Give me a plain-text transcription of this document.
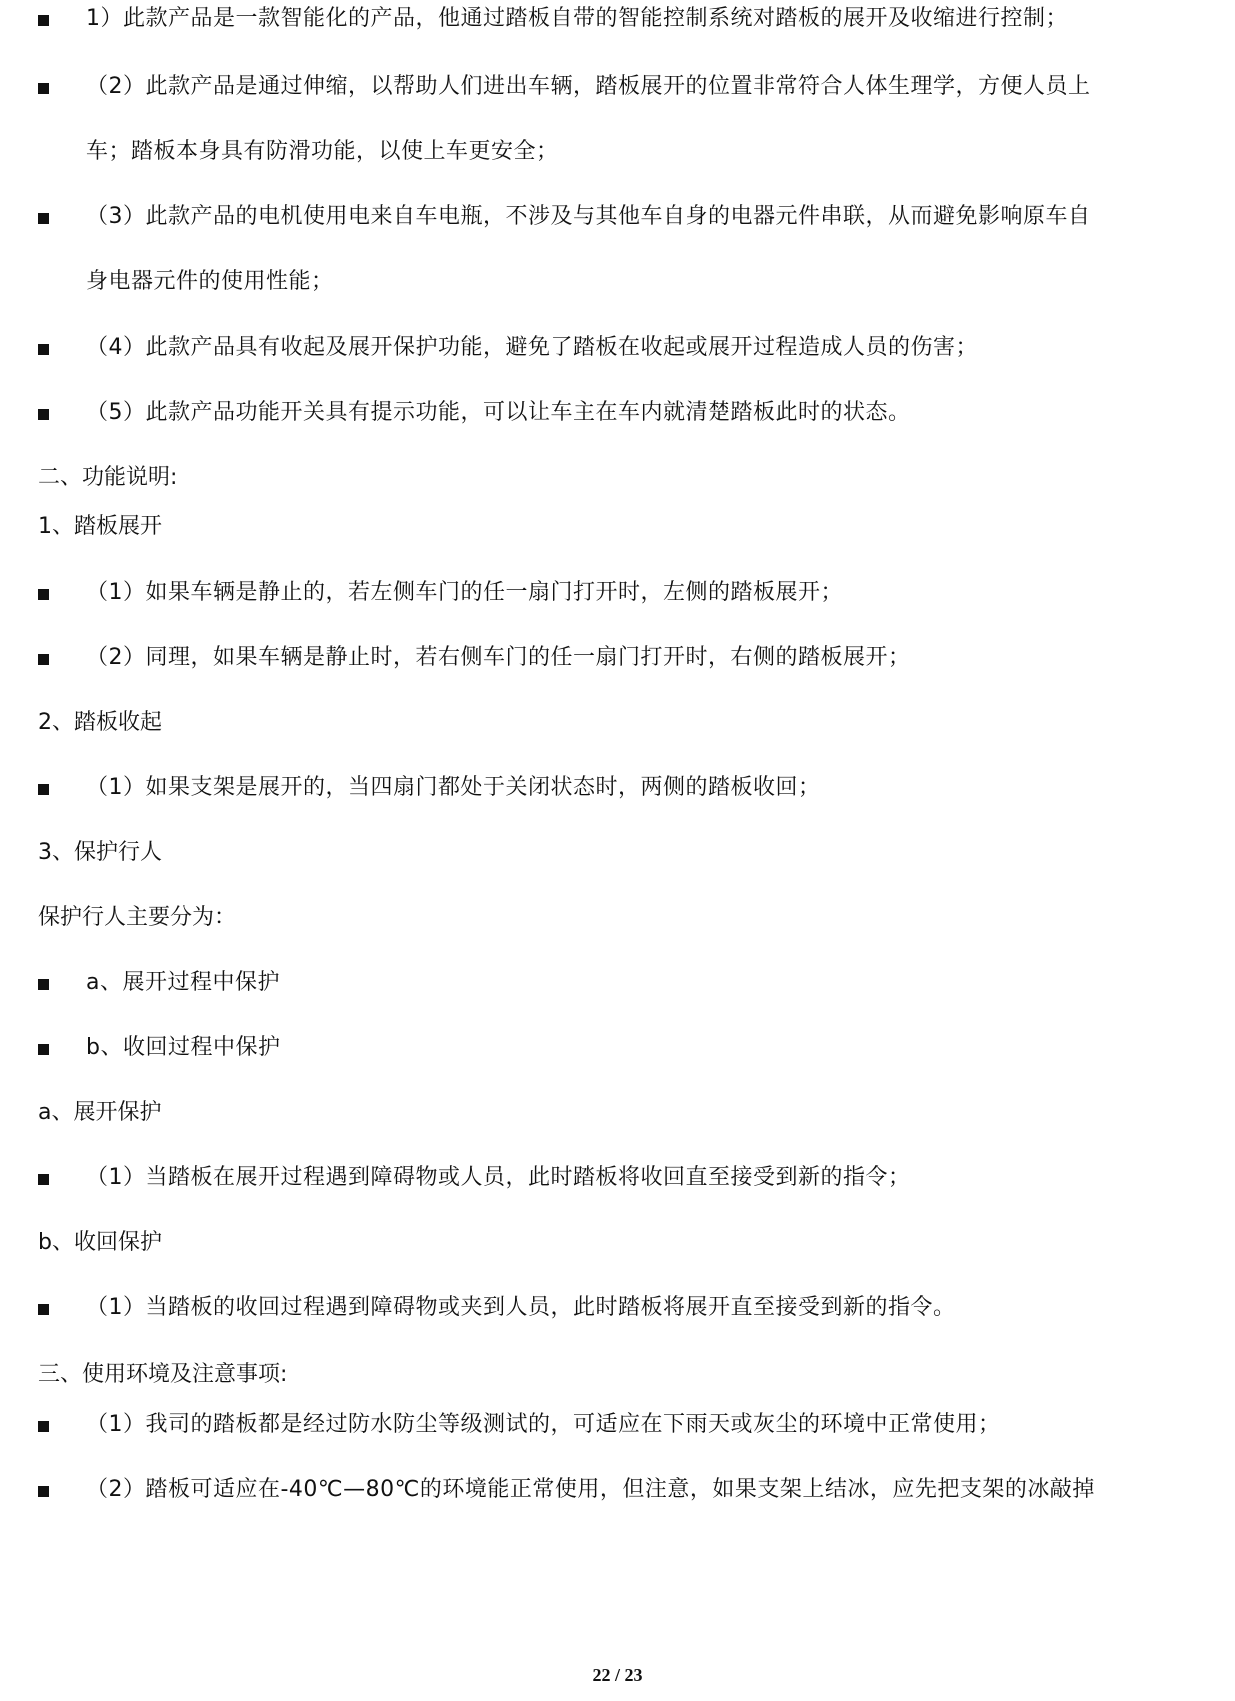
1）此款产品是一款智能化的产品，他通过踏板自带的智能控制系统对踏板的展开及收缩进行控制；
（2）此款产品是通过伸缩，以帮助人们进出车辆，踏板展开的位置非常符合人体生理学，方便人员上
车；踏板本身具有防滑功能，以使上车更安全；
（3）此款产品的电机使用电来自车电瓶，不涉及与其他车自身的电器元件串联，从而避免影响原车自
身电器元件的使用性能；
（4）此款产品具有收起及展开保护功能，避免了踏板在收起或展开过程造成人员的伤害；
（5）此款产品功能开关具有提示功能，可以让车主在车内就清楚踏板此时的状态。
二、功能说明:
1、踏板展开
（1）如果车辆是静止的，若左侧车门的任一扇门打开时，左侧的踏板展开；
（2）同理，如果车辆是静止时，若右侧车门的任一扇门打开时，右侧的踏板展开；
2、踏板收起
（1）如果支架是展开的，当四扇门都处于关闭状态时，两侧的踏板收回；
3、保护行人
保护行人主要分为：
a、展开过程中保护
b、收回过程中保护
a、展开保护
（1）当踏板在展开过程遇到障碍物或人员，此时踏板将收回直至接受到新的指令；
b、收回保护
（1）当踏板的收回过程遇到障碍物或夹到人员，此时踏板将展开直至接受到新的指令。
三、使用环境及注意事项:
（1）我司的踏板都是经过防水防尘等级测试的，可适应在下雨天或灰尘的环境中正常使用；
（2）踏板可适应在-40℃—80℃的环境能正常使用，但注意，如果支架上结冰，应先把支架的冰敲掉
22 / 23
